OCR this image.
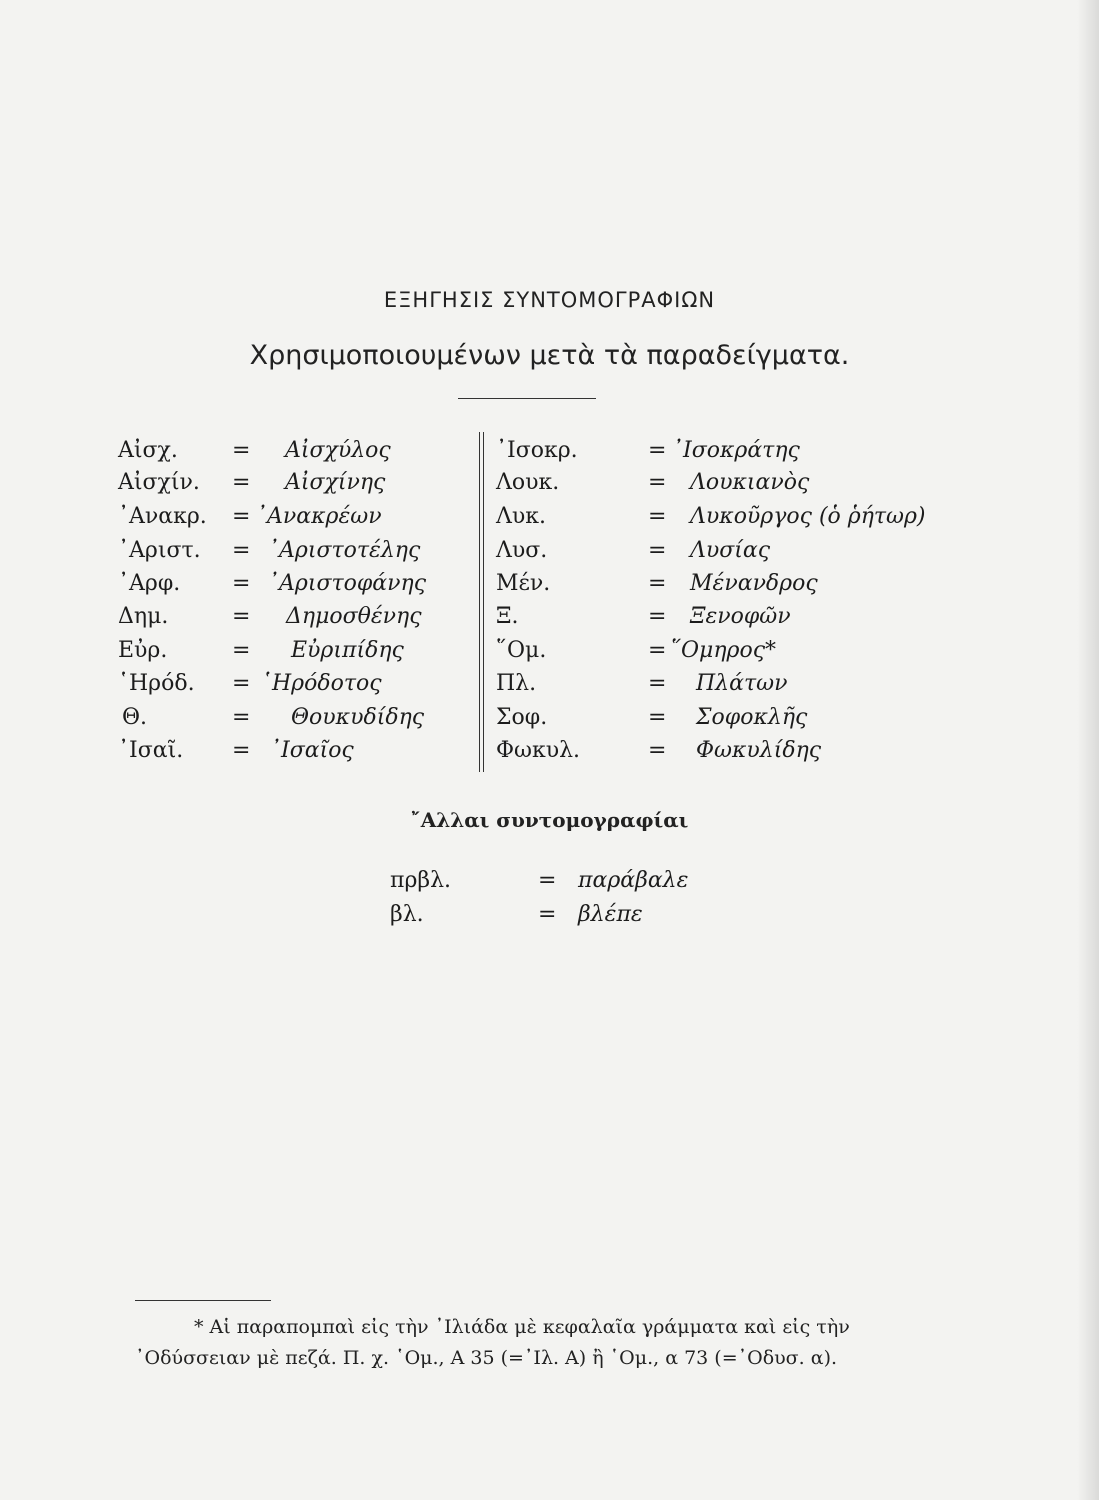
ΕΞΗΓΗΣΙΣ ΣΥΝΤΟΜΟΓΡΑΦΙΩΝ
Χρησιμοποιουμένων μετὰ τὰ παραδείγματα.
Αἰσχ. = Αἰσχύλος
Αἰσχίν. = Αἰσχίνης
᾿Ανακρ. = ᾿Ανακρέων
᾿Αριστ. = ᾿Αριστοτέλης
᾿Αρφ. = ᾿Αριστοφάνης
Δημ.	= Δημοσθένης
Εὐρ.	= Εὐριπίδης
῾Ηρόδ. = ῾Ηρόδοτος
Θ.	= Θουκυδίδης
᾿Ισαῖ. = ᾿Ισαῖος
᾿Ισοκρ.	= ᾿Ισοκράτης
Λουκ.	= Λουκιανὸς
Λυκ.	= Λυκοῦργος (ὁ ῥήτωρ)
Λυσ.	= Λυσίας
Μέν.	= Μένανδρος
Ξ.	= Ξενοφῶν
῞Ομ.	= ῞Ομηρος*
Πλ.	= Πλάτων
Σοφ.	= Σοφοκλῆς
Φωκυλ.	= Φωκυλίδης
῎Αλλαι συντομογραφίαι
πρβλ.	= παράβαλε
βλ.	= βλέπε
* Αἱ παραπομπαὶ εἰς τὴν ᾿Ιλιάδα μὲ κεφαλαῖα γράμματα καὶ εἰς τὴν
᾿Οδύσσειαν μὲ πεζά. Π. χ. ῾Ομ., Α 35 (=᾿Ιλ. Α) ἢ ῾Ομ., α 73 (=᾿Οδυσ. α).
